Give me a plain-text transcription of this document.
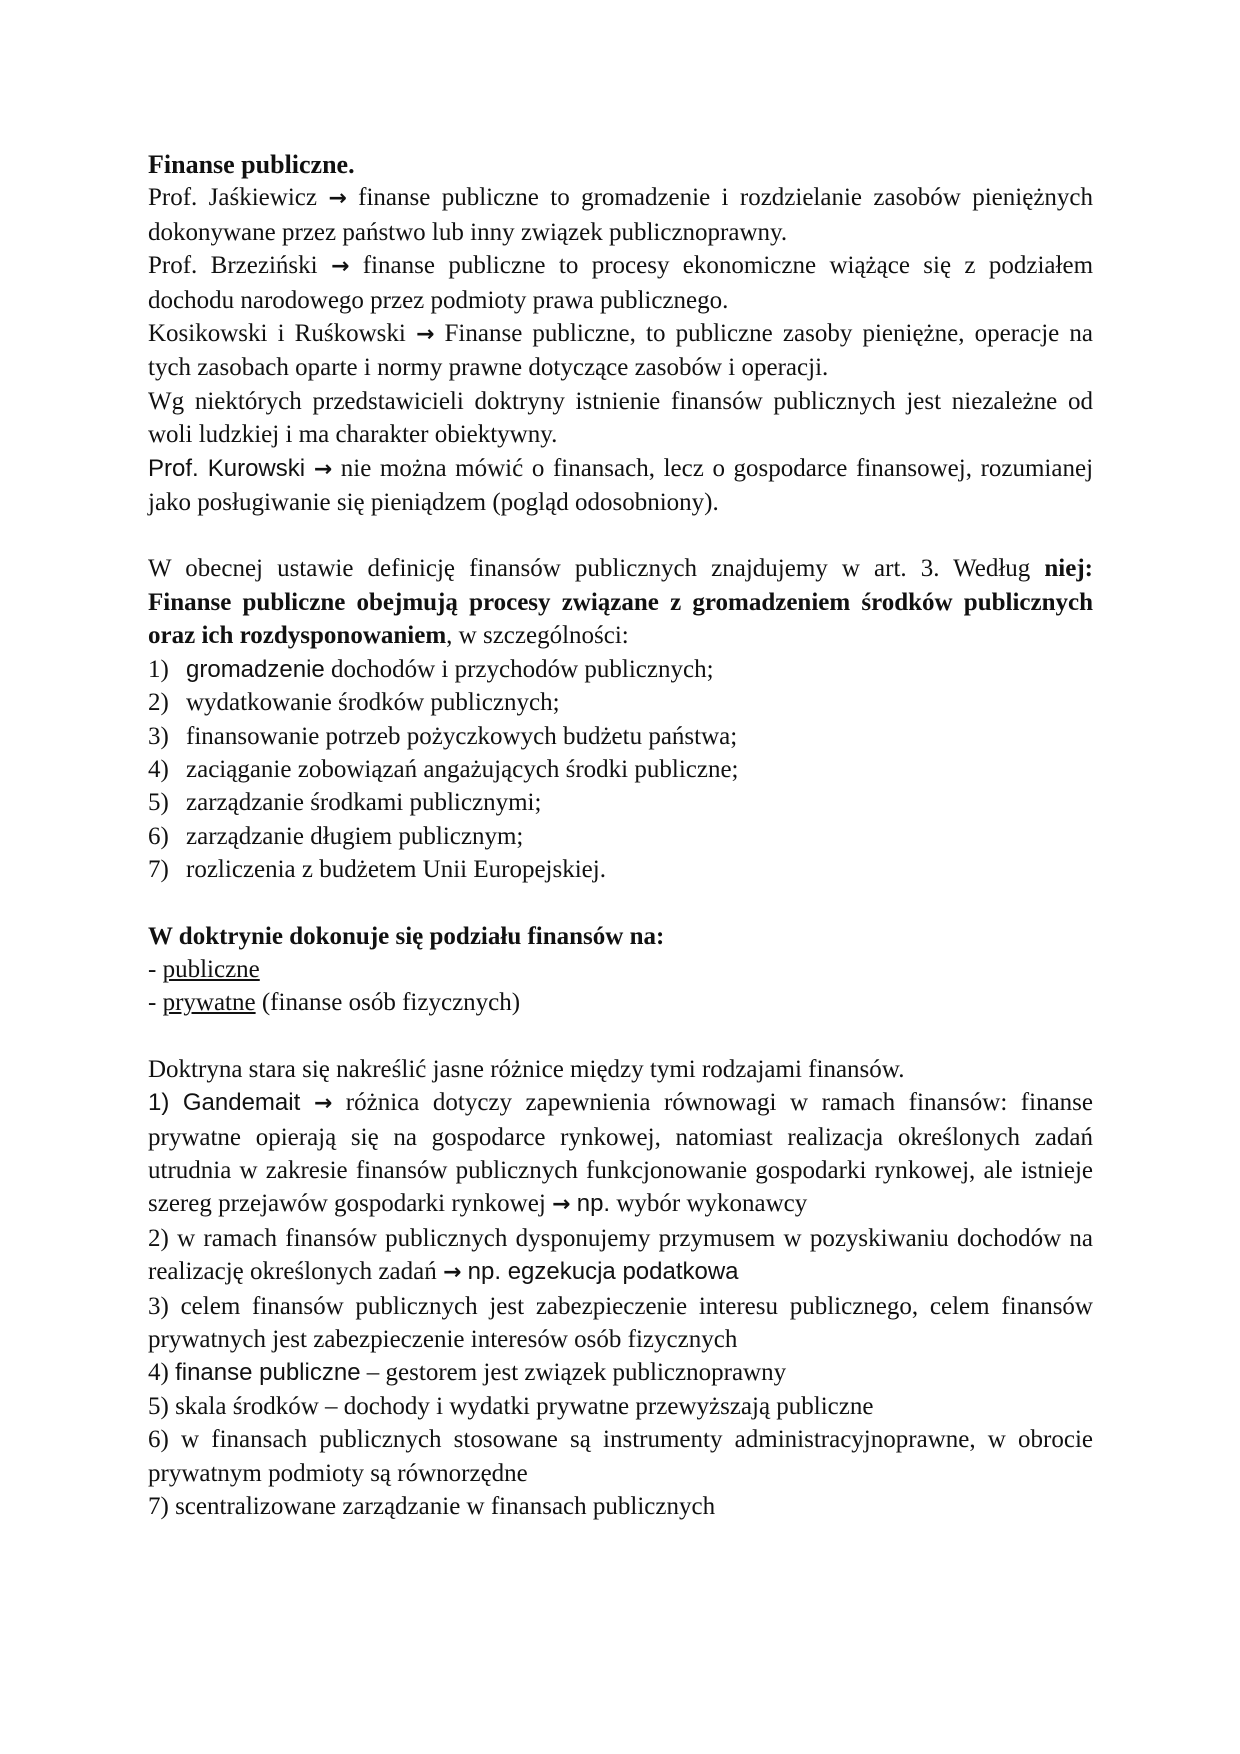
Finanse publiczne.

Prof. Jaśkiewicz → finanse publiczne to gromadzenie i rozdzielanie zasobów pieniężnych dokonywane przez państwo lub inny związek publicznoprawny.

Prof. Brzeziński → finanse publiczne to procesy ekonomiczne wiążące się z podziałem dochodu narodowego przez podmioty prawa publicznego.

Kosikowski i Ruśkowski → Finanse publiczne, to publiczne zasoby pieniężne, operacje na tych zasobach oparte i normy prawne dotyczące zasobów i operacji.

Wg niektórych przedstawicieli doktryny istnienie finansów publicznych jest niezależne od woli ludzkiej i ma charakter obiektywny.

Prof. Kurowski → nie można mówić o finansach, lecz o gospodarce finansowej, rozumianej jako posługiwanie się pieniądzem (pogląd odosobniony).

W obecnej ustawie definicję finansów publicznych znajdujemy w art. 3. Według niej: Finanse publiczne obejmują procesy związane z gromadzeniem środków publicznych oraz ich rozdysponowaniem, w szczególności:

1) gromadzenie dochodów i przychodów publicznych;
2) wydatkowanie środków publicznych;
3) finansowanie potrzeb pożyczkowych budżetu państwa;
4) zaciąganie zobowiązań angażujących środki publiczne;
5) zarządzanie środkami publicznymi;
6) zarządzanie długiem publicznym;
7) rozliczenia z budżetem Unii Europejskiej.

W doktrynie dokonuje się podziału finansów na:

- publiczne

- prywatne (finanse osób fizycznych)

Doktryna stara się nakreślić jasne różnice między tymi rodzajami finansów.

1) Gandemait → różnica dotyczy zapewnienia równowagi w ramach finansów: finanse prywatne opierają się na gospodarce rynkowej, natomiast realizacja określonych zadań utrudnia w zakresie finansów publicznych funkcjonowanie gospodarki rynkowej, ale istnieje szereg przejawów gospodarki rynkowej → np. wybór wykonawcy

2) w ramach finansów publicznych dysponujemy przymusem w pozyskiwaniu dochodów na realizację określonych zadań → np. egzekucja podatkowa

3) celem finansów publicznych jest zabezpieczenie interesu publicznego, celem finansów prywatnych jest zabezpieczenie interesów osób fizycznych

4) finanse publiczne – gestorem jest związek publicznoprawny

5) skala środków – dochody i wydatki prywatne przewyższają publiczne

6) w finansach publicznych stosowane są instrumenty administracyjnoprawne, w obrocie prywatnym podmioty są równorzędne

7) scentralizowane zarządzanie w finansach publicznych
